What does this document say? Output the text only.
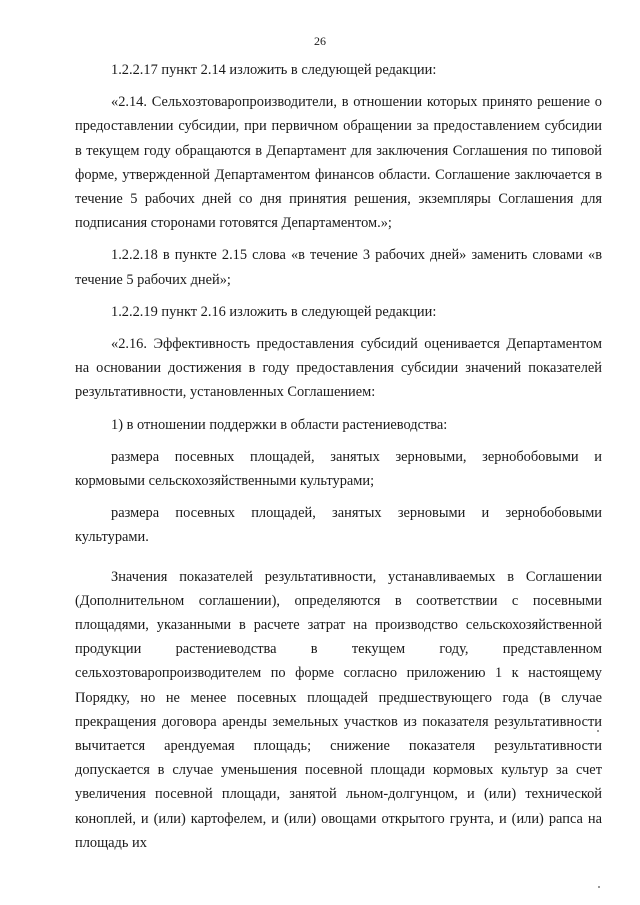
26

1.2.2.17 пункт 2.14 изложить в следующей редакции:

«2.14. Сельхозтоваропроизводители, в отношении которых принято решение о предоставлении субсидии, при первичном обращении за предоставлением субсидии в текущем году обращаются в Департамент для заключения Соглашения по типовой форме, утвержденной Департаментом финансов области. Соглашение заключается в течение 5 рабочих дней со дня принятия решения, экземпляры Соглашения для подписания сторонами готовятся Департаментом.»;

1.2.2.18 в пункте 2.15 слова «в течение 3 рабочих дней» заменить словами «в течение 5 рабочих дней»;

1.2.2.19 пункт 2.16 изложить в следующей редакции:

«2.16. Эффективность предоставления субсидий оценивается Департаментом на основании достижения в году предоставления субсидии значений показателей результативности, установленных Соглашением:

1) в отношении поддержки в области растениеводства:

размера посевных площадей, занятых зерновыми, зернобобовыми и кормовыми сельскохозяйственными культурами;

размера посевных площадей, занятых зерновыми и зернобобовыми культурами.

Значения показателей результативности, устанавливаемых в Соглашении (Дополнительном соглашении), определяются в соответствии с посевными площадями, указанными в расчете затрат на производство сельскохозяйственной продукции растениеводства в текущем году, представленном сельхозтоваропроизводителем по форме согласно приложению 1 к настоящему Порядку, но не менее посевных площадей предшествующего года (в случае прекращения договора аренды земельных участков из показателя результативности вычитается арендуемая площадь; снижение показателя результативности допускается в случае уменьшения посевной площади кормовых культур за счет увеличения посевной площади, занятой льном-долгунцом, и (или) технической коноплей, и (или) картофелем, и (или) овощами открытого грунта, и (или) рапса на площадь их
